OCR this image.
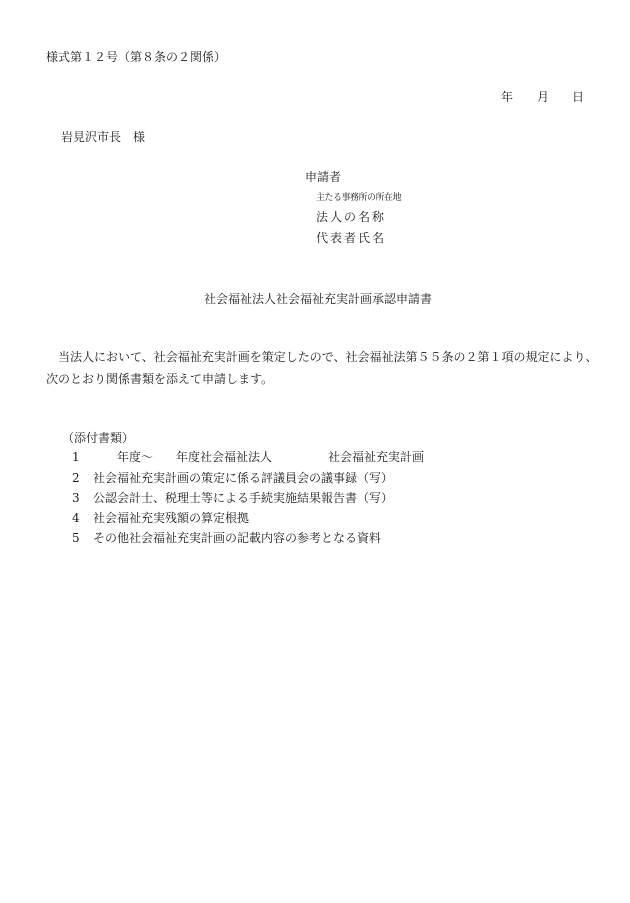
様式第１２号（第８条の２関係）
年 月 日
岩見沢市長　様
申請者
主たる事務所の所在地
法人の名称
代表者氏名
社会福祉法人社会福祉充実計画承認申請書

当法人において、社会福祉充実計画を策定したので、社会福祉法第５５条の２第１項の規定により、

次のとおり関係書類を添えて申請します。

（添付書類）
1	年度～ 年度社会福祉法人	社会福祉充実計画
2 社会福祉充実計画の策定に係る評議員会の議事録（写）
3 公認会計士、税理士等による手続実施結果報告書（写）
4 社会福祉充実残額の算定根拠
5 その他社会福祉充実計画の記載内容の参考となる資料
